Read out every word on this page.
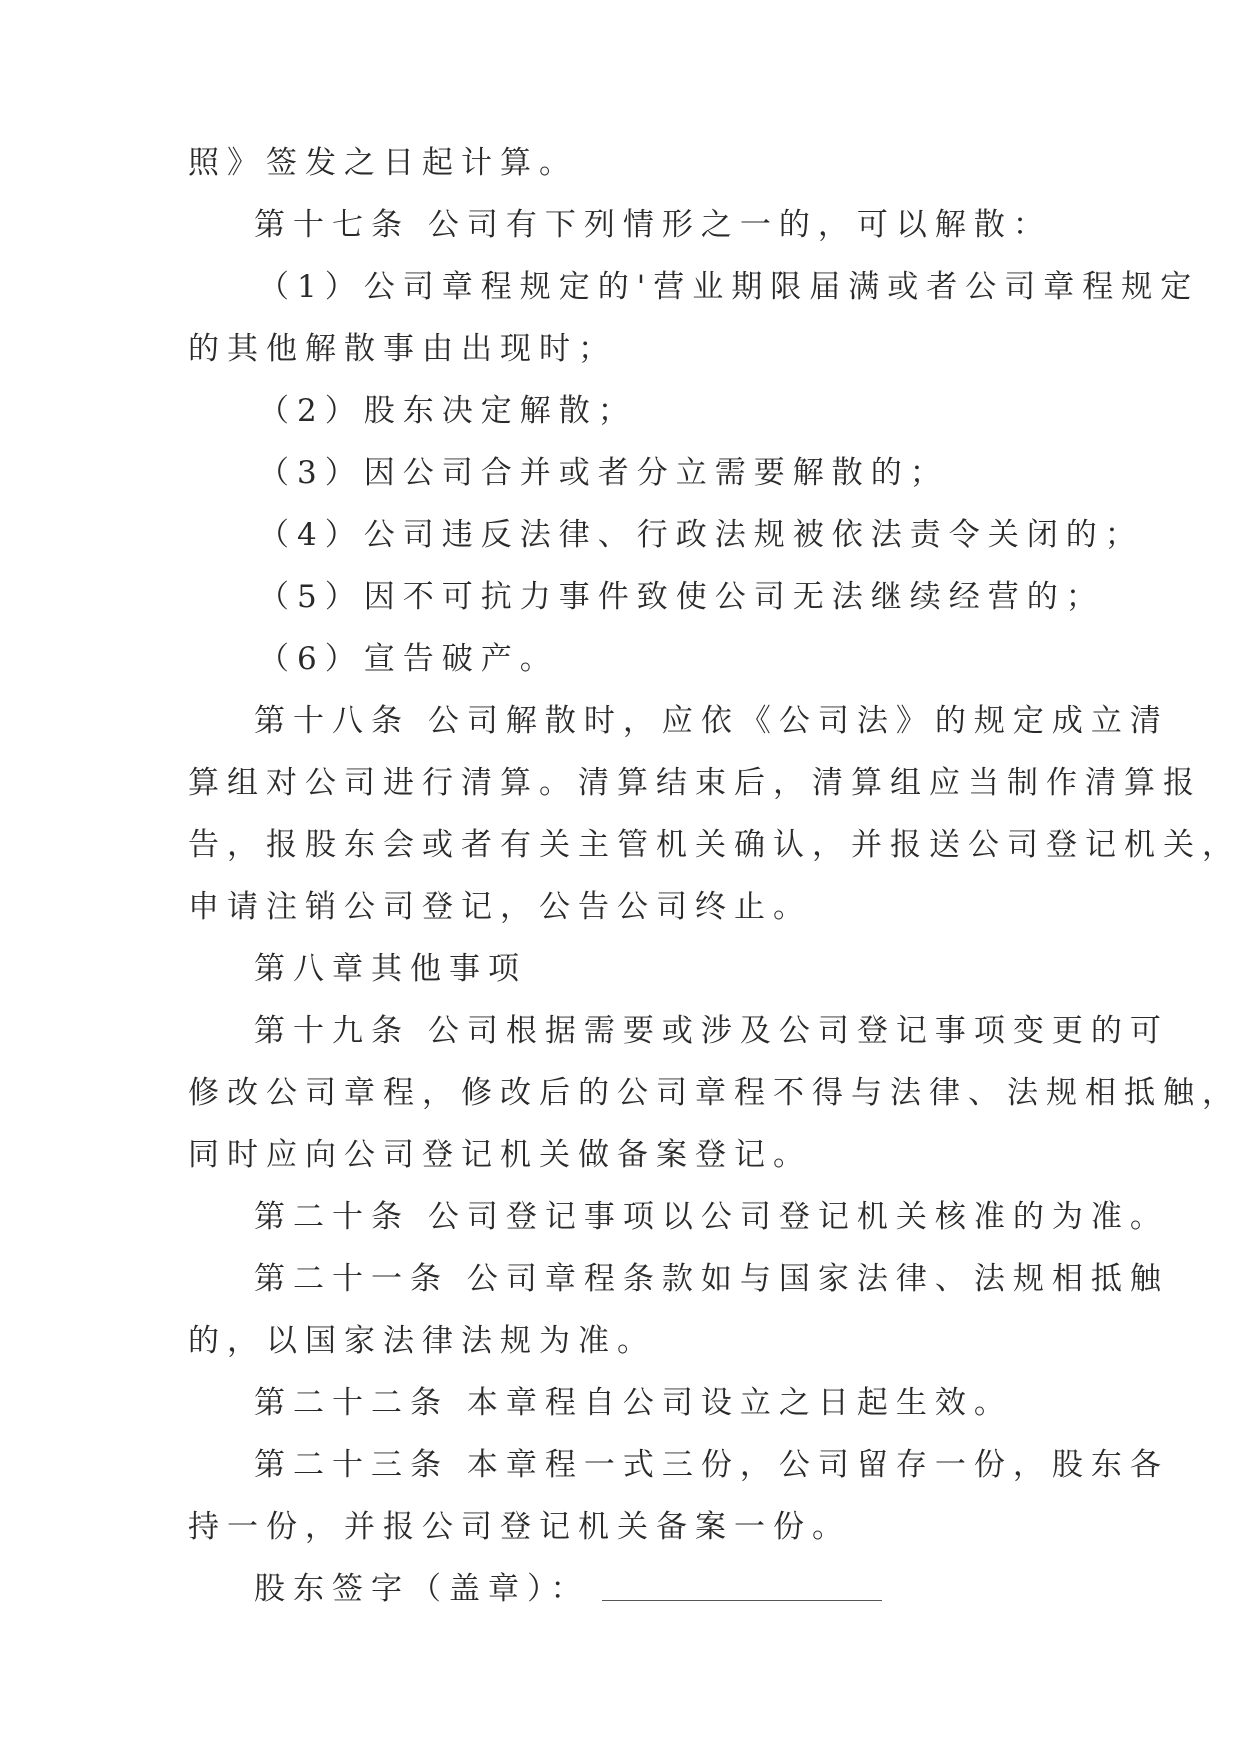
照》签发之日起计算。
第十七条 公司有下列情形之一的，可以解散：
（1）公司章程规定的'营业期限届满或者公司章程规定
的其他解散事由出现时；
（2）股东决定解散；
（3）因公司合并或者分立需要解散的；
（4）公司违反法律、行政法规被依法责令关闭的；
（5）因不可抗力事件致使公司无法继续经营的；
（6）宣告破产。
第十八条 公司解散时，应依《公司法》的规定成立清
算组对公司进行清算。清算结束后，清算组应当制作清算报
告，报股东会或者有关主管机关确认，并报送公司登记机关，
申请注销公司登记，公告公司终止。
第八章其他事项
第十九条 公司根据需要或涉及公司登记事项变更的可
修改公司章程，修改后的公司章程不得与法律、法规相抵触，
同时应向公司登记机关做备案登记。
第二十条 公司登记事项以公司登记机关核准的为准。
第二十一条 公司章程条款如与国家法律、法规相抵触
的，以国家法律法规为准。
第二十二条 本章程自公司设立之日起生效。
第二十三条 本章程一式三份，公司留存一份，股东各
持一份，并报公司登记机关备案一份。
股东签字（盖章）：
